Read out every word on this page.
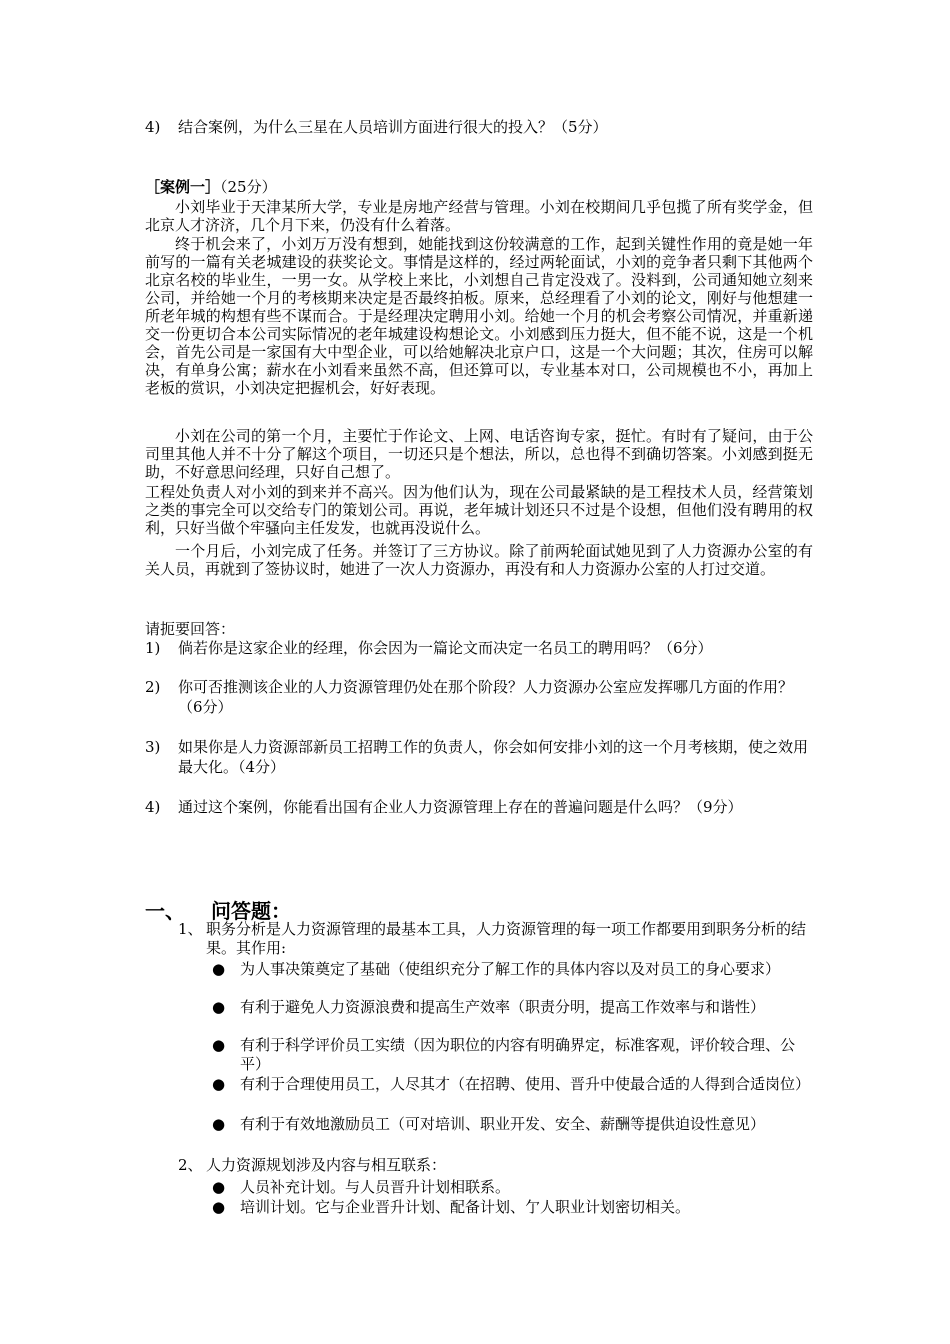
4) 结合案例，为什么三星在人员培训方面进行很大的投入？（5分）
［案例一］（25分）
小刘毕业于天津某所大学，专业是房地产经营与管理。小刘在校期间几乎包揽了所有奖学金，但北京人才济济，几个月下来，仍没有什么着落。
终于机会来了，小刘万万没有想到，她能找到这份较满意的工作，起到关键性作用的竟是她一年前写的一篇有关老城建设的获奖论文。事情是这样的，经过两轮面试，小刘的竞争者只剩下其他两个北京名校的毕业生，一男一女。从学校上来比，小刘想自己肯定没戏了。没料到，公司通知她立刻来公司，并给她一个月的考核期来决定是否最终拍板。原来，总经理看了小刘的论文，刚好与他想建一所老年城的构想有些不谋而合。于是经理决定聘用小刘。给她一个月的机会考察公司情况，并重新递交一份更切合本公司实际情况的老年城建设构想论文。小刘感到压力挺大，但不能不说，这是一个机会，首先公司是一家国有大中型企业，可以给她解决北京户口，这是一个大问题；其次，住房可以解决，有单身公寓；薪水在小刘看来虽然不高，但还算可以，专业基本对口，公司规模也不小，再加上老板的赏识，小刘决定把握机会，好好表现。
小刘在公司的第一个月，主要忙于作论文、上网、电话咨询专家，挺忙。有时有了疑问，由于公司里其他人并不十分了解这个项目，一切还只是个想法，所以，总也得不到确切答案。小刘感到挺无助，不好意思问经理，只好自己想了。
工程处负责人对小刘的到来并不高兴。因为他们认为，现在公司最紧缺的是工程技术人员，经营策划之类的事完全可以交给专门的策划公司。再说，老年城计划还只不过是个设想，但他们没有聘用的权利，只好当做个牢骚向主任发发，也就再没说什么。
一个月后，小刘完成了任务。并签订了三方协议。除了前两轮面试她见到了人力资源办公室的有关人员，再就到了签协议时，她进了一次人力资源办，再没有和人力资源办公室的人打过交道。
请扼要回答：
1) 倘若你是这家企业的经理，你会因为一篇论文而决定一名员工的聘用吗？（6分）
2) 你可否推测该企业的人力资源管理仍处在那个阶段？人力资源办公室应发挥哪几方面的作用？（6分）
3) 如果你是人力资源部新员工招聘工作的负责人，你会如何安排小刘的这一个月考核期，使之效用最大化。（4分）
4) 通过这个案例，你能看出国有企业人力资源管理上存在的普遍问题是什么吗？（9分）
一、 问答题：
1、 职务分析是人力资源管理的最基本工具，人力资源管理的每一项工作都要用到职务分析的结果。其作用:
● 为人事决策奠定了基础（使组织充分了解工作的具体内容以及对员工的身心要求）
● 有利于避免人力资源浪费和提高生产效率（职责分明，提高工作效率与和谐性）
● 有利于科学评价员工实绩（因为职位的内容有明确界定，标准客观，评价较合理、公平）
● 有利于合理使用员工，人尽其才（在招聘、使用、晋升中使最合适的人得到合适岗位）
● 有利于有效地激励员工（可对培训、职业开发、安全、薪酬等提供迫设性意见）
2、 人力资源规划涉及内容与相互联系：
● 人员补充计划。与人员晋升计划相联系。
● 培训计划。它与企业晋升计划、配备计划、亇人职业计划密切相关。
